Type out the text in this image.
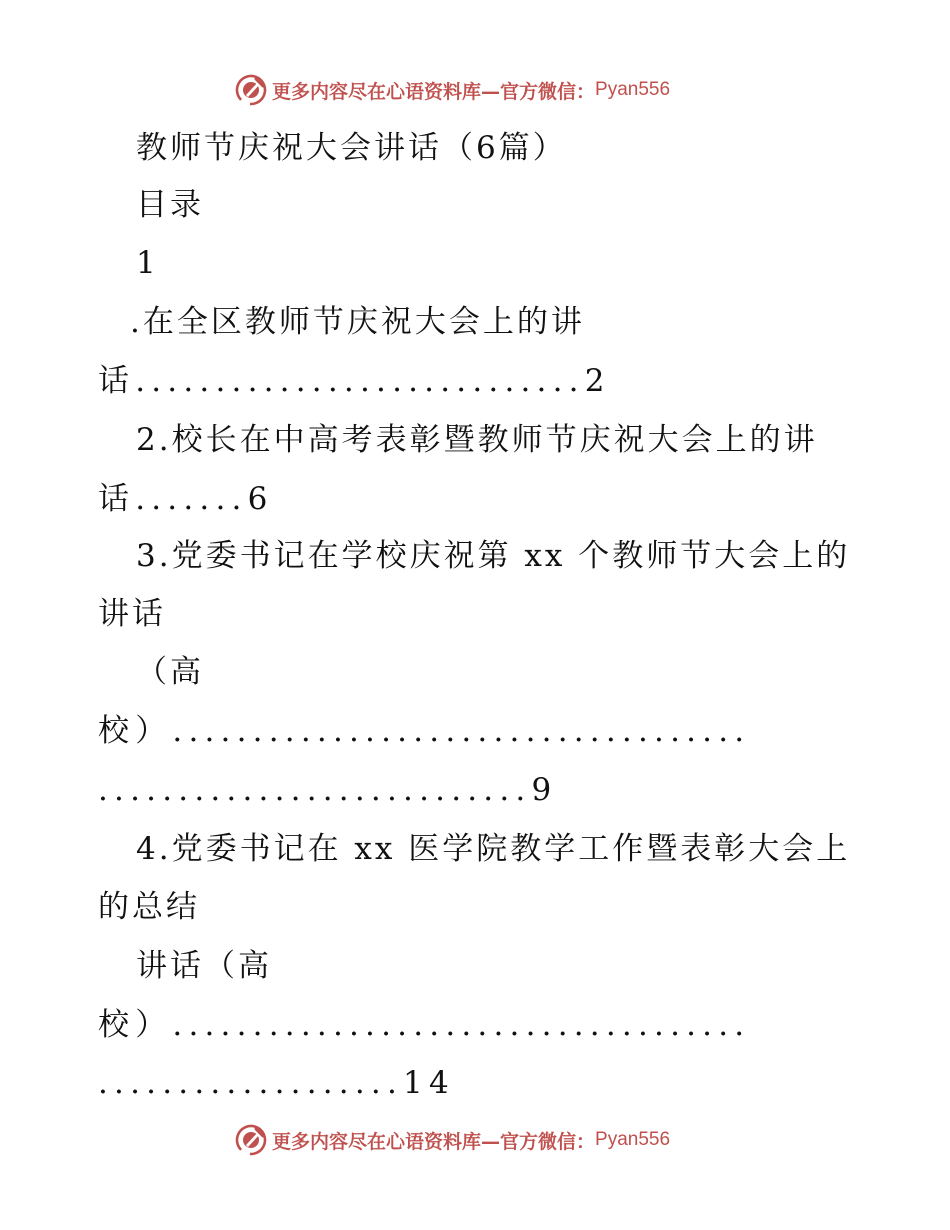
更多内容尽在心语资料库—官方微信： Pyan556
教师节庆祝大会讲话（6篇）
目录
1
.在全区教师节庆祝大会上的讲
话............................2
2.校长在中高考表彰暨教师节庆祝大会上的讲
话.......6
3.党委书记在学校庆祝第 xx 个教师节大会上的
讲话
（高
校）....................................
...........................9
4.党委书记在 xx 医学院教学工作暨表彰大会上
的总结
讲话（高
校）....................................
...................14
更多内容尽在心语资料库—官方微信： Pyan556
